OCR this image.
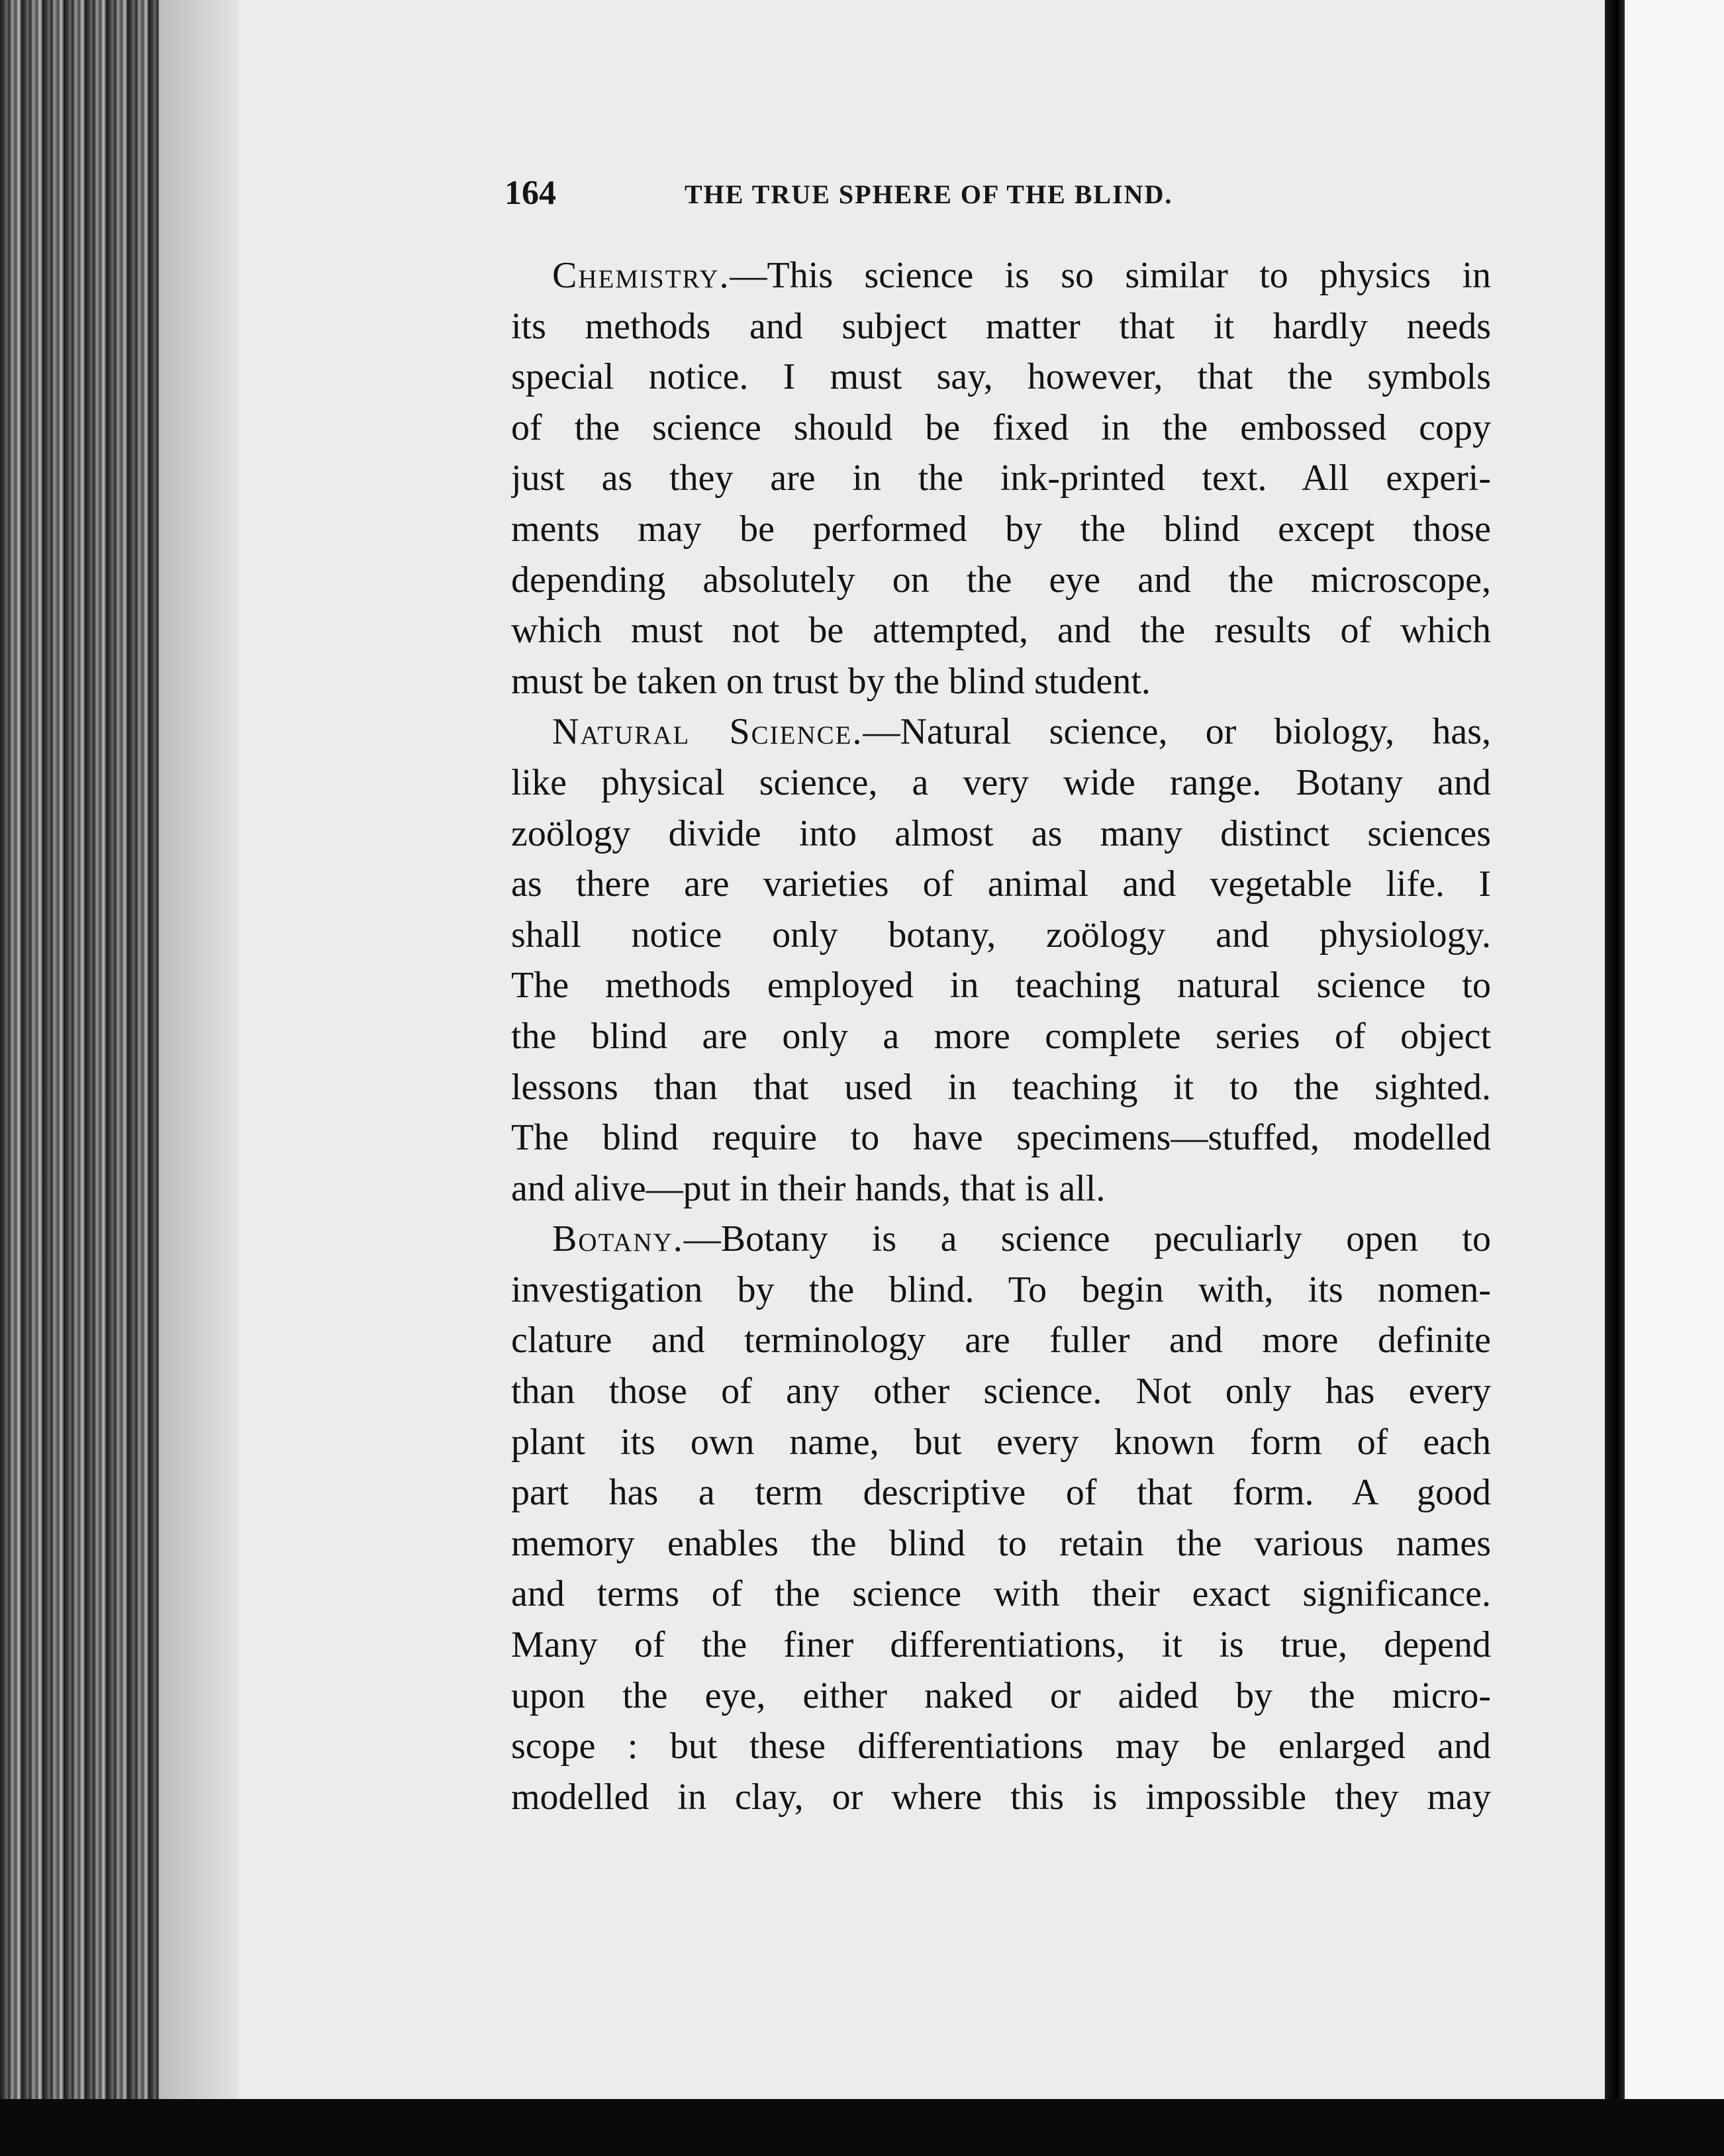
164	THE TRUE SPHERE OF THE BLIND.
Chemistry.—This science is so similar to physics in
its methods and subject matter that it hardly needs
special notice. I must say, however, that the symbols
of the science should be fixed in the embossed copy
just as they are in the ink-printed text. All experi-
ments may be performed by the blind except those
depending absolutely on the eye and the microscope,
which must not be attempted, and the results of which
must be taken on trust by the blind student.
Natural Science.—Natural science, or biology, has,
like physical science, a very wide range. Botany and
zoölogy divide into almost as many distinct sciences
as there are varieties of animal and vegetable life. I
shall notice only botany, zoölogy and physiology.
The methods employed in teaching natural science to
the blind are only a more complete series of object
lessons than that used in teaching it to the sighted.
The blind require to have specimens—stuffed, modelled
and alive—put in their hands, that is all.
Botany.—Botany is a science peculiarly open to
investigation by the blind. To begin with, its nomen-
clature and terminology are fuller and more definite
than those of any other science. Not only has every
plant its own name, but every known form of each
part has a term descriptive of that form. A good
memory enables the blind to retain the various names
and terms of the science with their exact significance.
Many of the finer differentiations, it is true, depend
upon the eye, either naked or aided by the micro-
scope : but these differentiations may be enlarged and
modelled in clay, or where this is impossible they may
